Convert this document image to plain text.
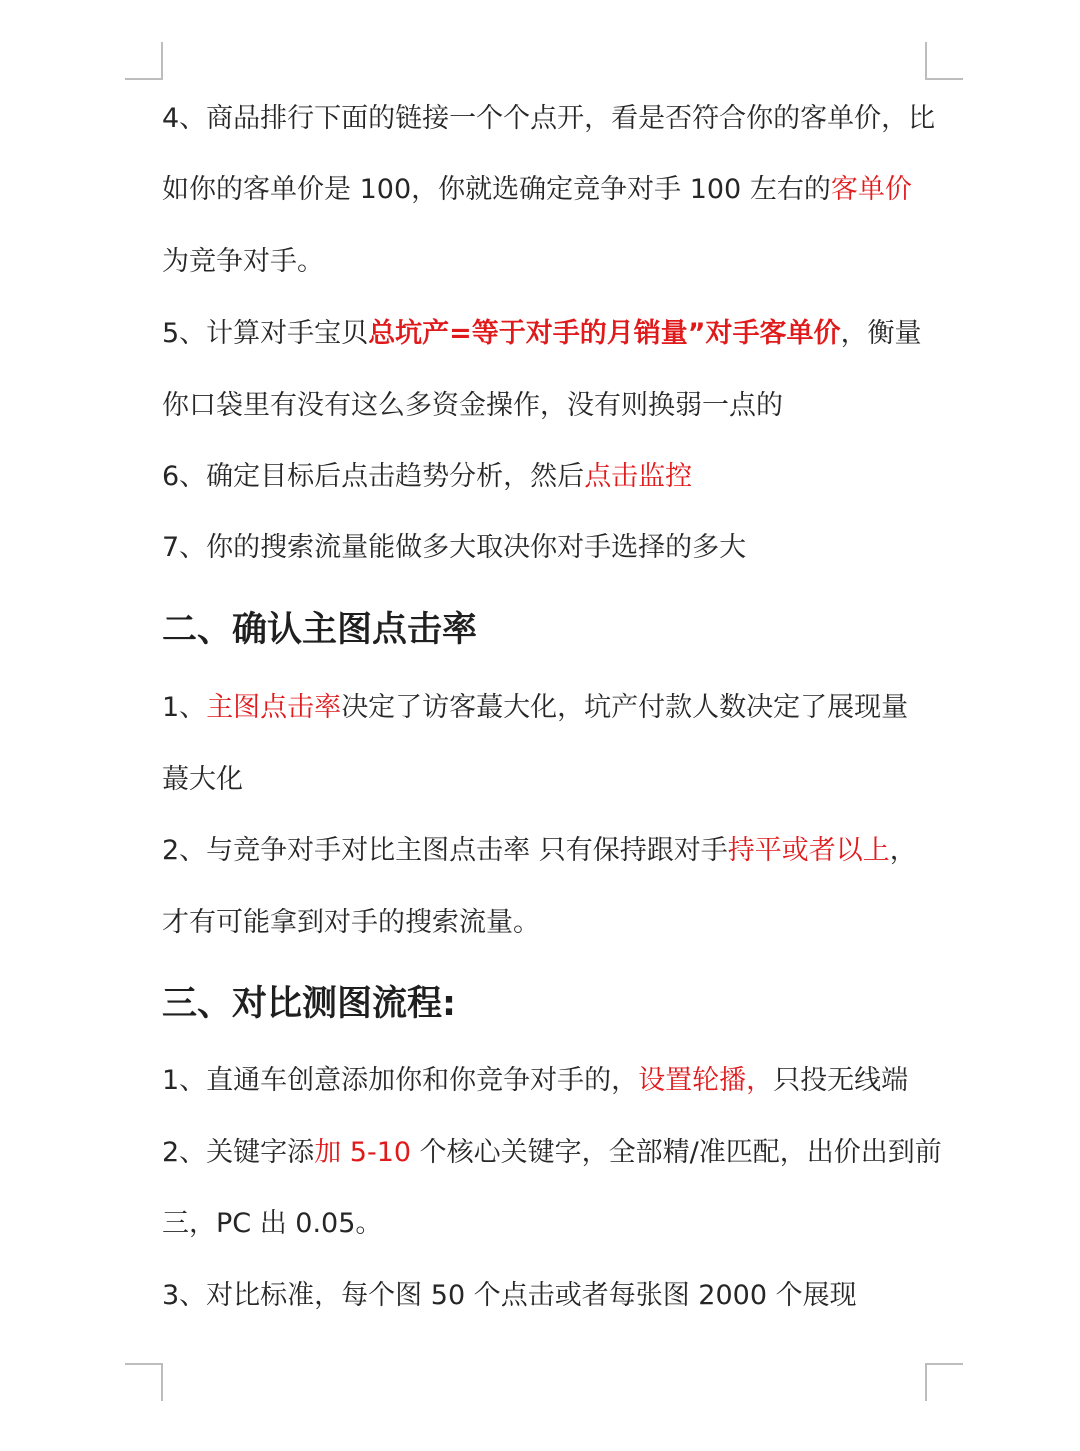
4、商品排行下面的链接一个个点开，看是否符合你的客单价，比
如你的客单价是 100，你就选确定竞争对手 100 左右的客单价
为竞争对手。
5、计算对手宝贝总坑产=等于对手的月销量”对手客单价，衡量
你口袋里有没有这么多资金操作，没有则换弱一点的
6、确定目标后点击趋势分析，然后点击监控
7、你的搜索流量能做多大取决你对手选择的多大
二、确认主图点击率
1、主图点击率决定了访客蕞大化，坑产付款人数决定了展现量
蕞大化
2、与竞争对手对比主图点击率 只有保持跟对手持平或者以上，
才有可能拿到对手的搜索流量。
三、对比测图流程:
1、直通车创意添加你和你竞争对手的，设置轮播，只投无线端
2、关键字添加 5-10 个核心关键字，全部精/准匹配，出价出到前
三，PC 出 0.05。
3、对比标准，每个图 50 个点击或者每张图 2000 个展现
